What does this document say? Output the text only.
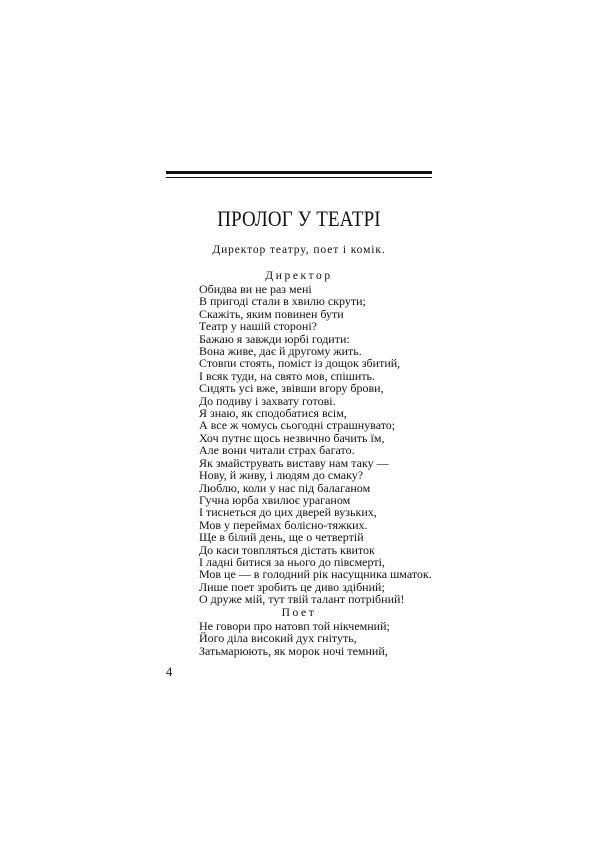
ПРОЛОГ У ТЕАТРІ
Директор театру, поет і комік.
Директор
Обидва ви не раз мені
В пригоді стали в хвилю скрути;
Скажіть, яким повинен бути
Театр у нашій стороні?
Бажаю я завжди юрбі годити:
Вона живе, дає й другому жить.
Стовпи стоять, поміст із дощок збитий,
І всяк туди, на свято мов, спішить.
Сидять усі вже, звівши вгору брови,
До подиву і захвату готові.
Я знаю, як сподобатися всім,
А все ж чомусь сьогодні страшнувато;
Хоч путнє щось незвично бачить їм,
Але вони читали страх багато.
Як змайструвать виставу нам таку —
Нову, й живу, і людям до смаку?
Люблю, коли у нас під балаганом
Гучна юрба хвилює ураганом
І тиснеться до цих дверей вузьких,
Мов у переймах болісно-тяжких.
Ще в білий день, ще о четвертій
До каси товпляться дістать квиток
І ладні битися за нього до півсмерті,
Мов це — в голодний рік насущника шматок.
Лише поет зробить це диво здібний;
О друже мій, тут твій талант потрібний!
Поет
Не говори про натовп той нікчемний;
Його діла високий дух гнітуть,
Затьмарюють, як морок ночі темний,
4
